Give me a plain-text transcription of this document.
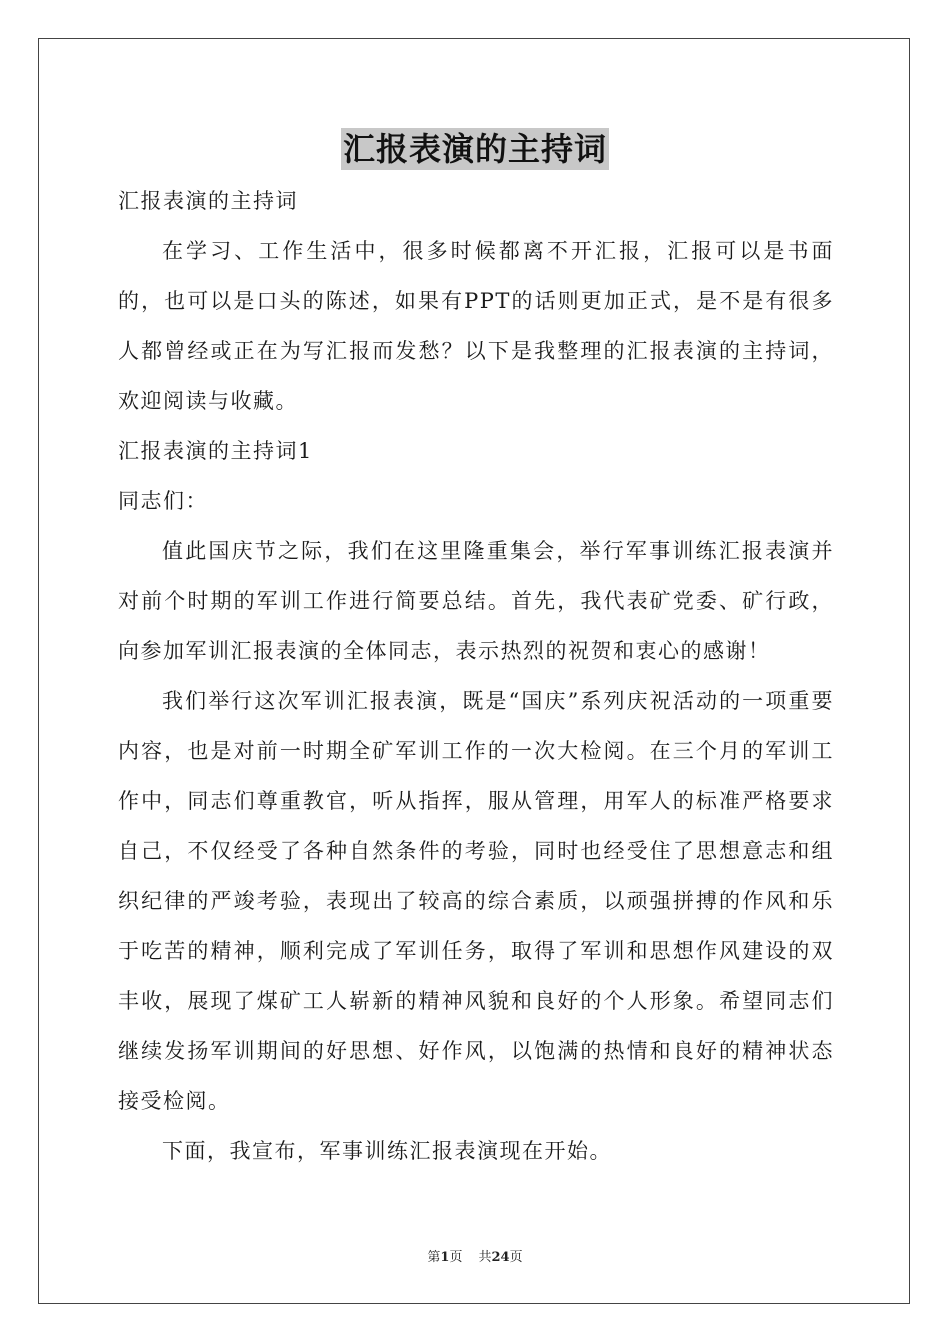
汇报表演的主持词

汇报表演的主持词

在学习、工作生活中，很多时候都离不开汇报，汇报可以是书面的，也可以是口头的陈述，如果有PPT的话则更加正式，是不是有很多人都曾经或正在为写汇报而发愁？以下是我整理的汇报表演的主持词，欢迎阅读与收藏。

汇报表演的主持词1

同志们：

值此国庆节之际，我们在这里隆重集会，举行军事训练汇报表演并对前个时期的军训工作进行简要总结。首先，我代表矿党委、矿行政，向参加军训汇报表演的全体同志，表示热烈的祝贺和衷心的感谢！

我们举行这次军训汇报表演，既是“国庆”系列庆祝活动的一项重要内容，也是对前一时期全矿军训工作的一次大检阅。在三个月的军训工作中，同志们尊重教官，听从指挥，服从管理，用军人的标准严格要求自己，不仅经受了各种自然条件的考验，同时也经受住了思想意志和组织纪律的严竣考验，表现出了较高的综合素质，以顽强拼搏的作风和乐于吃苦的精神，顺利完成了军训任务，取得了军训和思想作风建设的双丰收，展现了煤矿工人崭新的精神风貌和良好的个人形象。希望同志们继续发扬军训期间的好思想、好作风，以饱满的热情和良好的精神状态接受检阅。

下面，我宣布，军事训练汇报表演现在开始。

第1页 共24页
